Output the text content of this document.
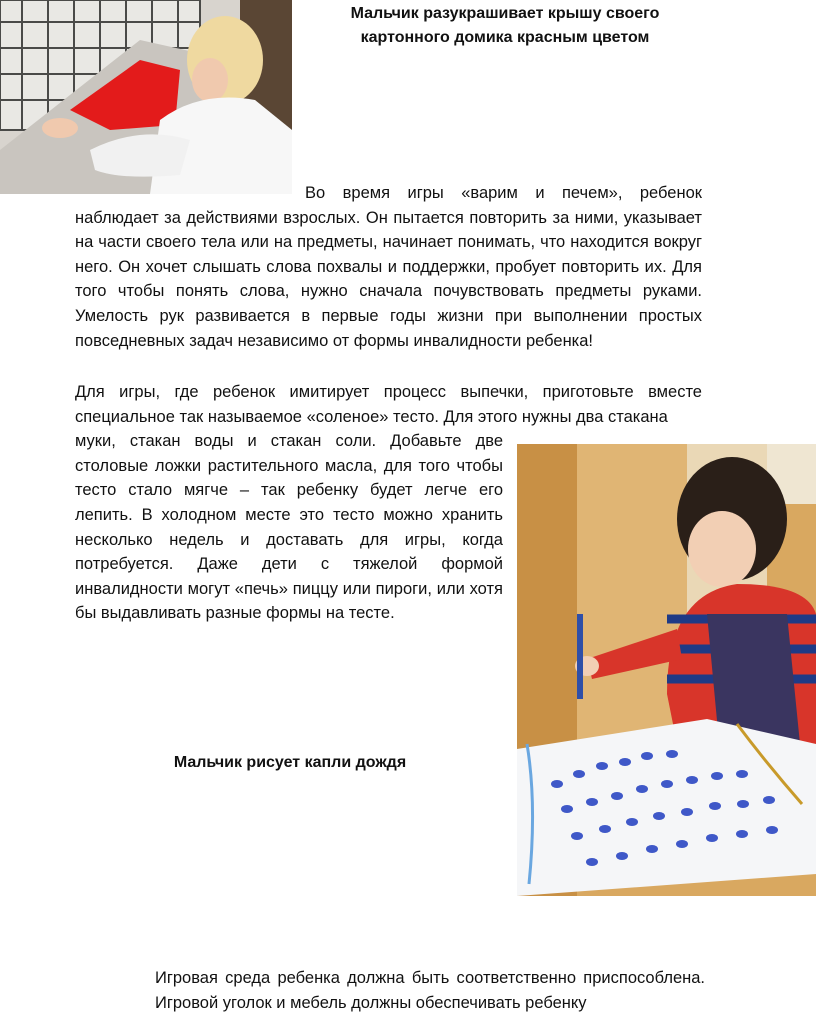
Мальчик разукрашивает крышу своего
картонного домика красным цветом

Во время игры «варим и печем», ребенок

наблюдает за действиями взрослых. Он пытается повторить за ними, указывает на части своего тела или на предметы, начинает понимать, что находится вокруг него. Он хочет слышать слова похвалы и поддержки, пробует повторить их. Для того чтобы понять слова, нужно сначала почувствовать предметы руками. Умелость рук развивается в первые годы жизни при выполнении простых повседневных задач независимо от формы инвалидности ребенка!

Для игры, где ребенок имитирует процесс выпечки, приготовьте вместе специальное так называемое «соленое» тесто. Для этого нужны два стакана

муки, стакан воды и стакан соли. Добавьте две столовые ложки растительного масла, для того чтобы тесто стало мягче – так ребенку будет легче его лепить. В холодном месте это тесто можно хранить несколько недель и доставать для игры, когда потребуется. Даже дети с тяжелой формой инвалидности могут «печь» пиццу или пироги, или хотя бы выдавливать разные формы на тесте.

Мальчик рисует капли дождя

Игровая среда ребенка должна быть соответственно приспособлена. Игровой уголок и мебель должны обеспечивать ребенку
